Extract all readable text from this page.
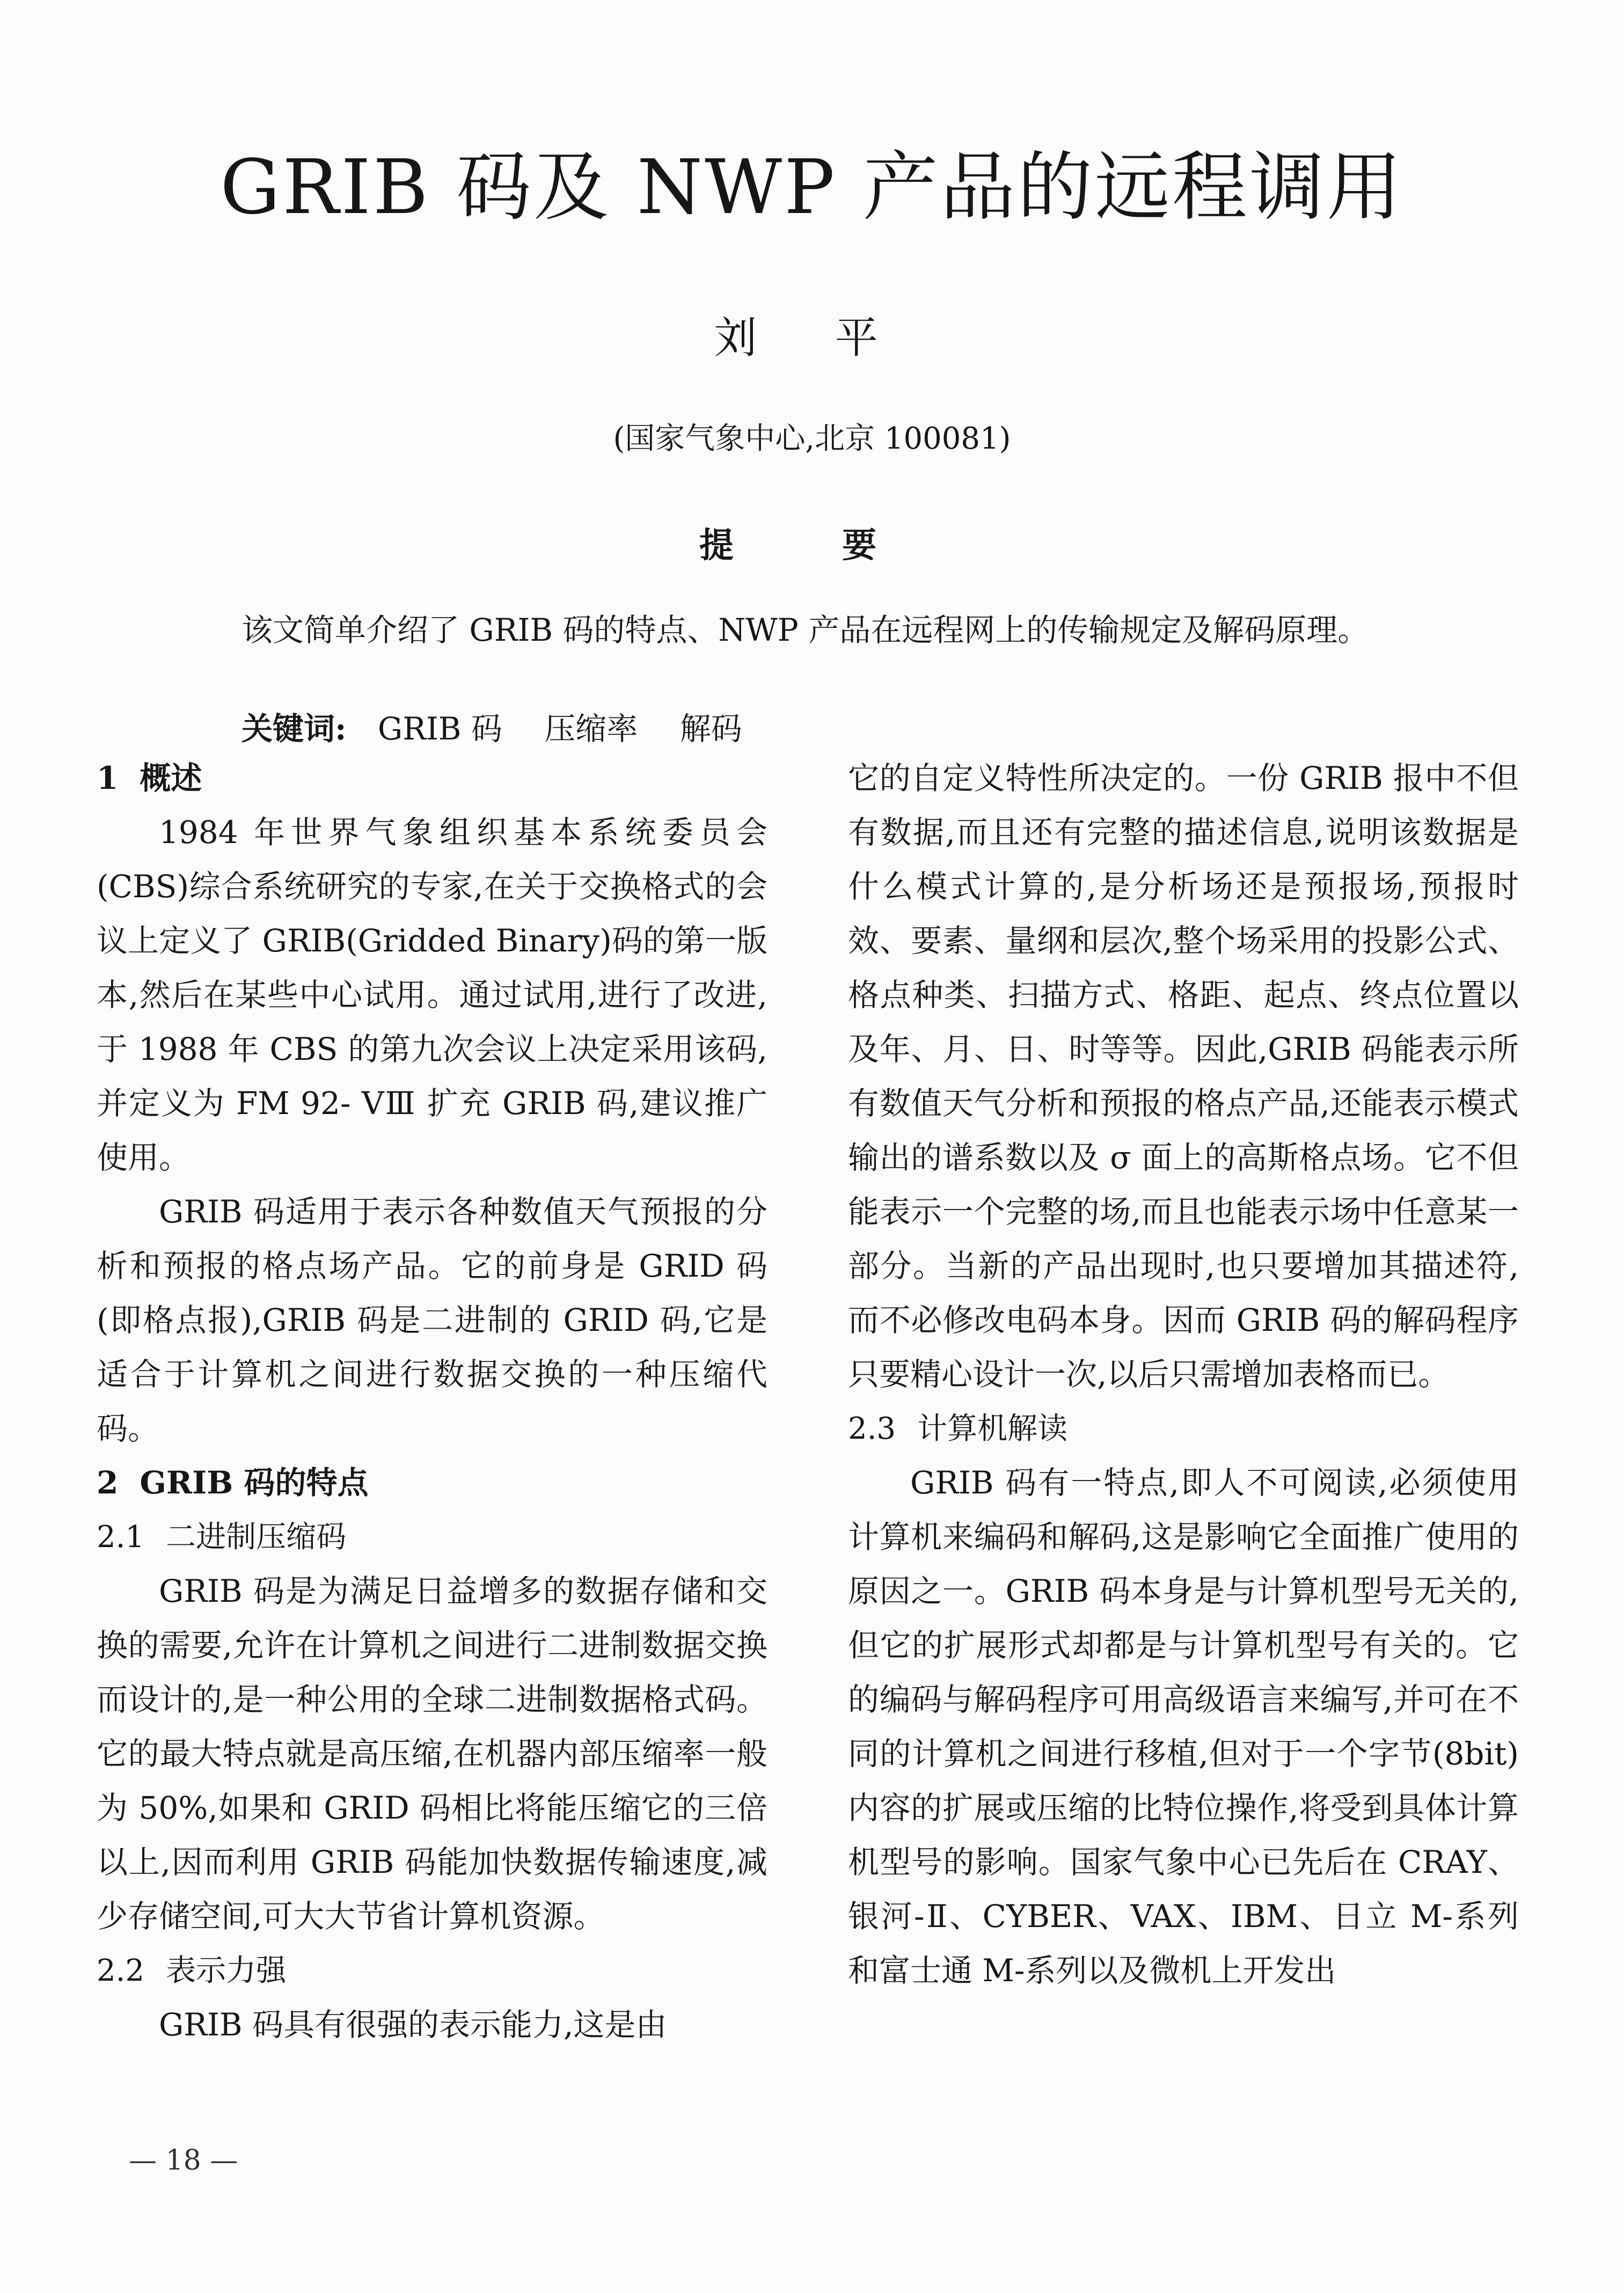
GRIB 码及 NWP 产品的远程调用
刘 平
(国家气象中心,北京 100081)
提 要

该文简单介绍了 GRIB 码的特点、NWP 产品在远程网上的传输规定及解码原理。

关键词: GRIB 码 压缩率 解码
1 概述

1984 年世界气象组织基本系统委员会(CBS)综合系统研究的专家,在关于交换格式的会议上定义了 GRIB(Gridded Binary)码的第一版本,然后在某些中心试用。通过试用,进行了改进,于 1988 年 CBS 的第九次会议上决定采用该码,并定义为 FM 92- VⅢ 扩充 GRIB 码,建议推广使用。

GRIB 码适用于表示各种数值天气预报的分析和预报的格点场产品。它的前身是 GRID 码(即格点报),GRIB 码是二进制的 GRID 码,它是适合于计算机之间进行数据交换的一种压缩代码。

2 GRIB 码的特点
2.1 二进制压缩码

GRIB 码是为满足日益增多的数据存储和交换的需要,允许在计算机之间进行二进制数据交换而设计的,是一种公用的全球二进制数据格式码。它的最大特点就是高压缩,在机器内部压缩率一般为 50%,如果和 GRID 码相比将能压缩它的三倍以上,因而利用 GRIB 码能加快数据传输速度,减少存储空间,可大大节省计算机资源。

2.2 表示力强

GRIB 码具有很强的表示能力,这是由

它的自定义特性所决定的。一份 GRIB 报中不但有数据,而且还有完整的描述信息,说明该数据是什么模式计算的,是分析场还是预报场,预报时效、要素、量纲和层次,整个场采用的投影公式、格点种类、扫描方式、格距、起点、终点位置以及年、月、日、时等等。因此,GRIB 码能表示所有数值天气分析和预报的格点产品,还能表示模式输出的谱系数以及 σ 面上的高斯格点场。它不但能表示一个完整的场,而且也能表示场中任意某一部分。当新的产品出现时,也只要增加其描述符,而不必修改电码本身。因而 GRIB 码的解码程序只要精心设计一次,以后只需增加表格而已。

2.3 计算机解读

GRIB 码有一特点,即人不可阅读,必须使用计算机来编码和解码,这是影响它全面推广使用的原因之一。GRIB 码本身是与计算机型号无关的,但它的扩展形式却都是与计算机型号有关的。它的编码与解码程序可用高级语言来编写,并可在不同的计算机之间进行移植,但对于一个字节(8bit)内容的扩展或压缩的比特位操作,将受到具体计算机型号的影响。国家气象中心已先后在 CRAY、银河-Ⅱ、CYBER、VAX、IBM、日立 M-系列和富士通 M-系列以及微机上开发出

— 18 —
